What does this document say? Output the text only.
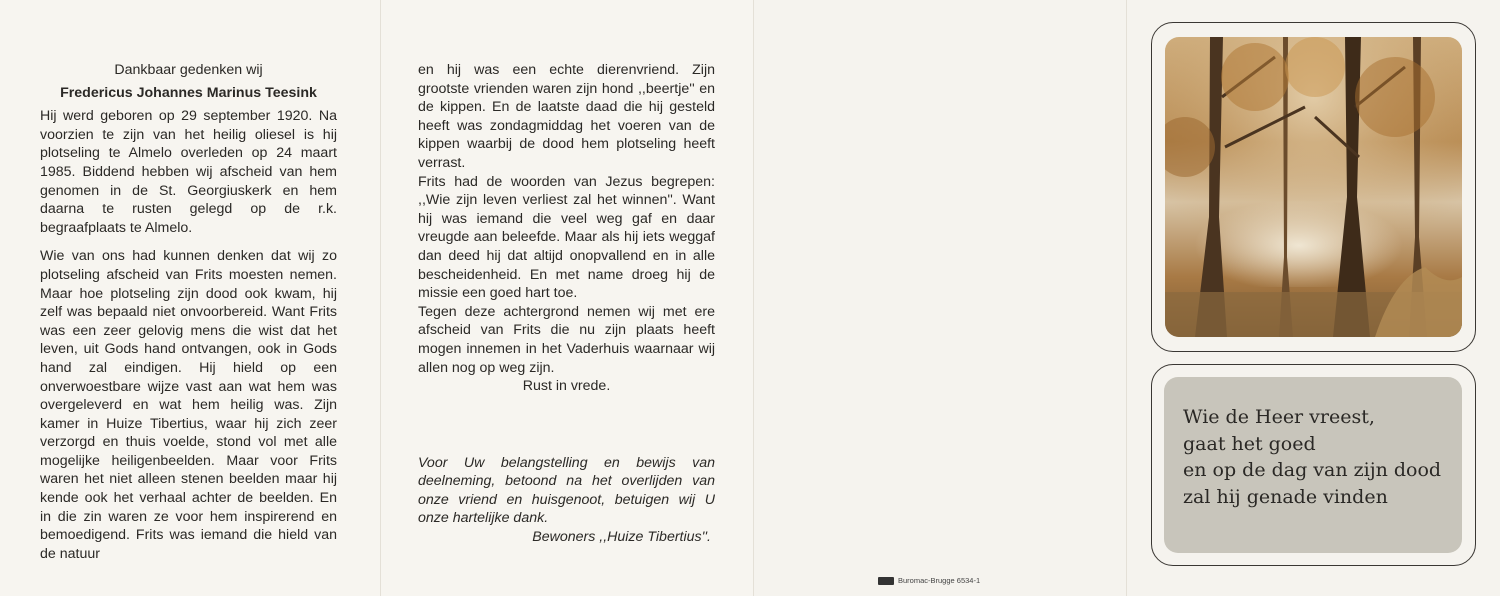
Dankbaar gedenken wij

Fredericus Johannes Marinus Teesink

Hij werd geboren op 29 september 1920. Na voorzien te zijn van het heilig oliesel is hij plotseling te Almelo overleden op 24 maart 1985. Biddend hebben wij afscheid van hem genomen in de St. Georgiuskerk en hem daarna te rusten gelegd op de r.k. begraafplaats te Almelo.

Wie van ons had kunnen denken dat wij zo plotseling afscheid van Frits moesten nemen. Maar hoe plotseling zijn dood ook kwam, hij zelf was bepaald niet onvoorbereid. Want Frits was een zeer gelovig mens die wist dat het leven, uit Gods hand ontvangen, ook in Gods hand zal eindigen. Hij hield op een onverwoestbare wijze vast aan wat hem was overgeleverd en wat hem heilig was. Zijn kamer in Huize Tibertius, waar hij zich zeer verzorgd en thuis voelde, stond vol met alle mogelijke heiligenbeelden. Maar voor Frits waren het niet alleen stenen beelden maar hij kende ook het verhaal achter de beelden. En in die zin waren ze voor hem inspirerend en bemoedigend. Frits was iemand die hield van de natuur

en hij was een echte dierenvriend. Zijn grootste vrienden waren zijn hond ,,beertje'' en de kippen. En de laatste daad die hij gesteld heeft was zondagmiddag het voeren van de kippen waarbij de dood hem plotseling heeft verrast.

Frits had de woorden van Jezus begrepen: ,,Wie zijn leven verliest zal het winnen''. Want hij was iemand die veel weg gaf en daar vreugde aan beleefde. Maar als hij iets weggaf dan deed hij dat altijd onopvallend en in alle bescheidenheid. En met name droeg hij de missie een goed hart toe.

Tegen deze achtergrond nemen wij met ere afscheid van Frits die nu zijn plaats heeft mogen innemen in het Vaderhuis waarnaar wij allen nog op weg zijn.

Rust in vrede.

Voor Uw belangstelling en bewijs van deelneming, betoond na het overlijden van onze vriend en huisgenoot, betuigen wij U onze hartelijke dank.

Bewoners ,,Huize Tibertius''.

Buromac-Brugge 6534-1
Wie de Heer vreest,
gaat het goed
en op de dag van zijn dood
zal hij genade vinden
